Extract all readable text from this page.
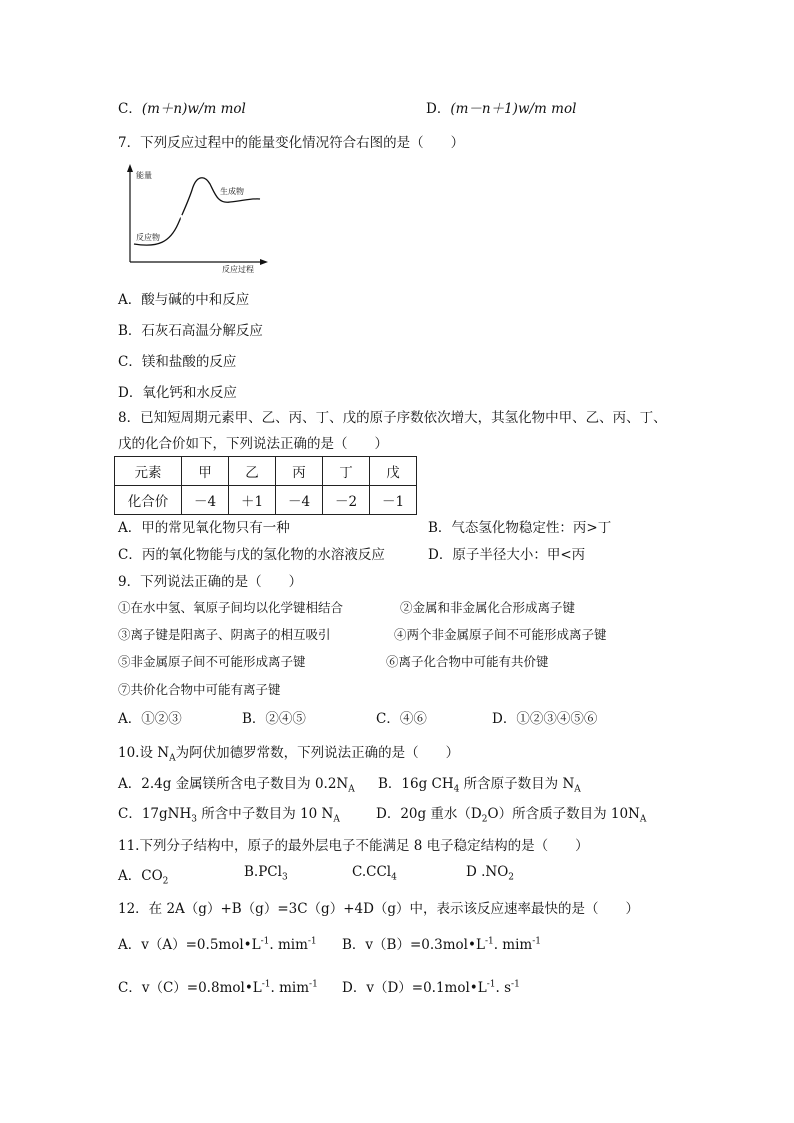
C．(m＋n)w/m mol	D．(m－n＋1)w/m mol
7．下列反应过程中的能量变化情况符合右图的是（　　）
能量
生成物
反应物
反应过程
A．酸与碱的中和反应
B．石灰石高温分解反应
C．镁和盐酸的反应
D．氧化钙和水反应
8．已知短周期元素甲、乙、丙、丁、戊的原子序数依次增大，其氢化物中甲、乙、丙、丁、
戊的化合价如下，下列说法正确的是（　　）
元素	甲	乙	丙	丁	戊
化合价	－4	＋1	－4	－2	－1
A．甲的常见氧化物只有一种	B．气态氢化物稳定性：丙>丁
C．丙的氧化物能与戊的氢化物的水溶液反应	D．原子半径大小：甲<丙
9．下列说法正确的是（　　）
①在水中氢、氧原子间均以化学键相结合	②金属和非金属化合形成离子键
③离子键是阳离子、阴离子的相互吸引	④两个非金属原子间不可能形成离子键
⑤非金属原子间不可能形成离子键	⑥离子化合物中可能有共价键
⑦共价化合物中可能有离子键
A．①②③	B．②④⑤	C．④⑥	D．①②③④⑤⑥
10.设 $N_A$为阿伏加德罗常数，下列说法正确的是（　　）
A．2.4g 金属镁所含电子数目为 $0.2N_A$ B．16g $CH_4$ 所含原子数目为 $N_A$
C．17gNH$_3$ 所含中子数目为 10 $N_A$	D．20g 重水$(D_2O)$所含质子数目为 $10N_A$
11.下列分子结构中，原子的最外层电子不能满足 8 电子稳定结构的是（　　）
A．$CO_2$
B.PCl$_3$	C.CCl$_4$	D $.NO_2$
12．在 2A（g）+B（g）=3C（g）+4D（g）中，表示该反应速率最快的是（　　）
A．$v(A)=0.5mol•L^{-1}$. mim$^{-1}$ B．$v(B)=0.3mol•L^{-1}$. mim$^{-1}$
C．$v(C)=0.8mol•L^{-1}$. mim$^{-1}$ D．$v(D)=0.1mol•L^{-1}$. $s^{-1}$
